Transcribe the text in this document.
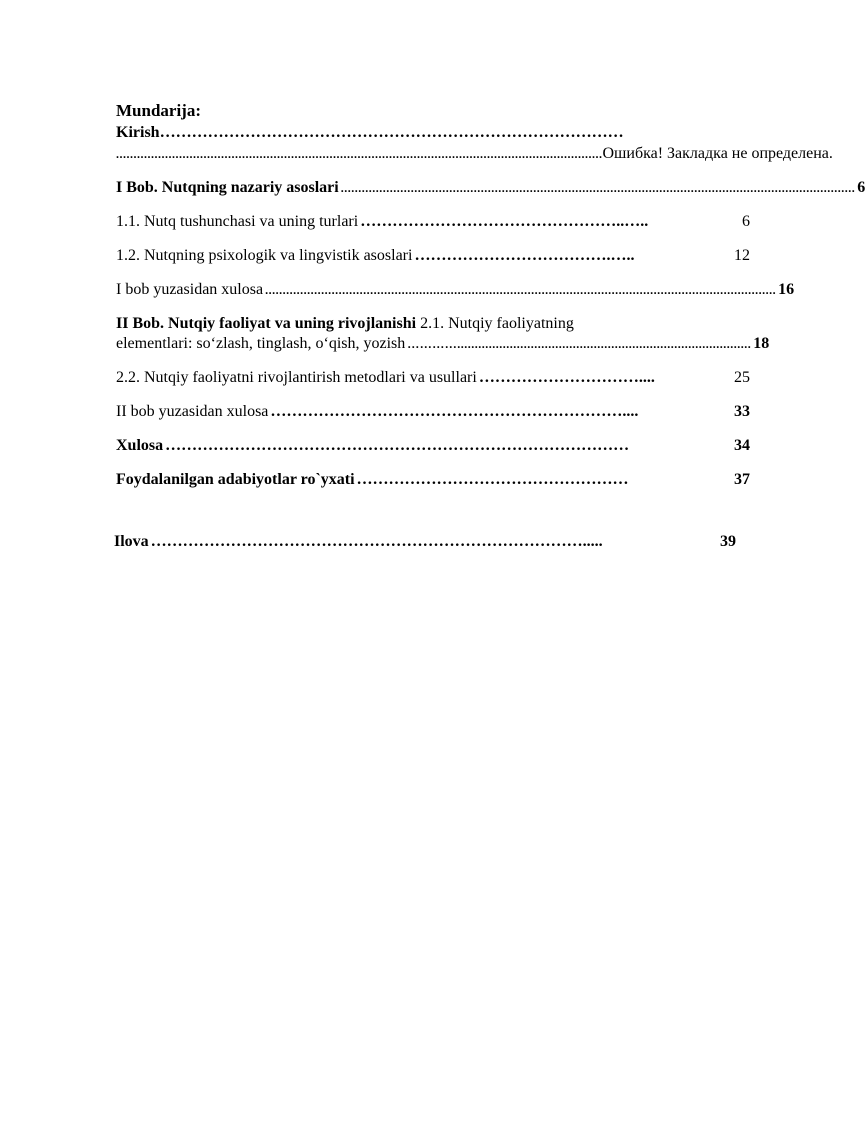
Mundarija:

Kirish……………………………………………………………………………

........................................................................................................................................... Ошибка! Закладка не определена.
I Bob. Nutqning nazariy asoslari ................................................................................................................................................... 6
1.1. Nutq tushunchasi va uning turlari …………………………………………..…..	6
1.2. Nutqning psixologik va lingvistik asoslari ……………………………….…..	12
I bob yuzasidan xulosa .................................................................................................................................................. 16
II Bob. Nutqiy faoliyat va uning rivojlanishi 2.1. Nutqiy faoliyatning
elementlari: so‘zlash, tinglash, o‘qish, yozish ………….................................................................................... 18
2.2. Nutqiy faoliyatni rivojlantirish metodlari va usullari …………………………....	25
II bob yuzasidan xulosa …………………………………………………………....	33
Xulosa ……………………………………………………………………………	34
Foydalanilgan adabiyotlar ro`yxati ……………………………………………	37
Ilova ……………………………………………………………………….....	39
